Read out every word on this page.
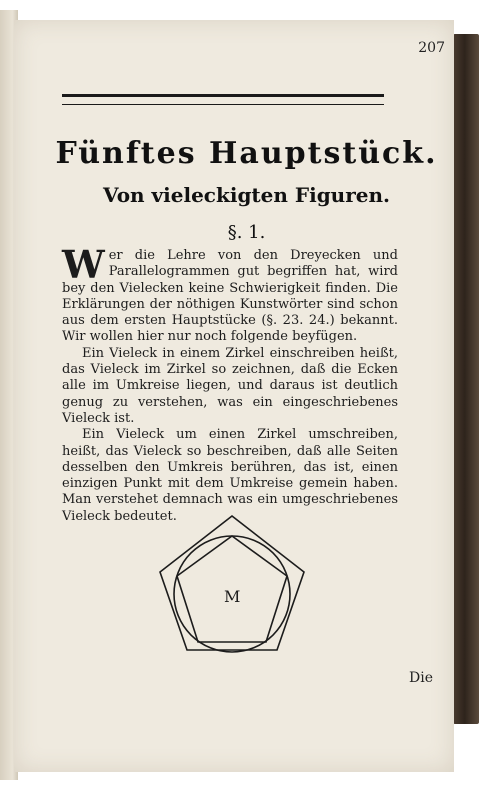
207
Fünftes Hauptstück.
Von vieleckigten Figuren.
§. 1.

Wer die Lehre von den Dreyecken und Parallelogrammen gut begriffen hat, wird bey den Vielecken keine Schwierigkeit finden. Die Erklärungen der nöthigen Kunstwörter sind schon aus dem ersten Hauptstücke (§. 23. 24.) bekannt. Wir wollen hier nur noch folgende beyfügen.

Ein Vieleck in einem Zirkel einschreiben heißt, das Vieleck im Zirkel so zeichnen, daß die Ecken alle im Umkreise liegen, und daraus ist deutlich genug zu verstehen, was ein eingeschriebenes Vieleck ist.

Ein Vieleck um einen Zirkel umschreiben, heißt, das Vieleck so beschreiben, daß alle Seiten desselben den Umkreis berühren, das ist, einen einzigen Punkt mit dem Umkreise gemein haben. Man verstehet demnach was ein umgeschriebenes Vieleck bedeutet.

M
Die
